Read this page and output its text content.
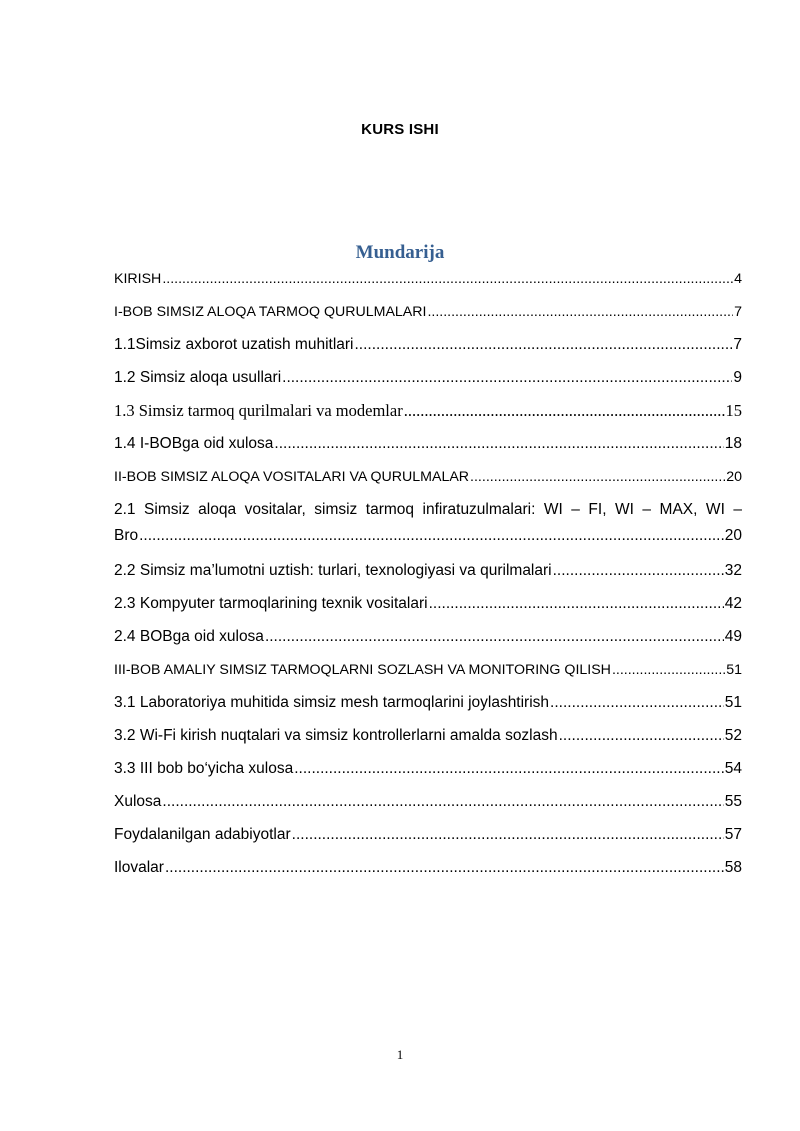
KURS ISHI
Mundarija
KIRISH .....	4
I-BOB SIMSIZ ALOQA TARMOQ QURULMALARI .....	7
1.1Simsiz axborot uzatish muhitlari .....	7
1.2 Simsiz aloqa usullari .....	9
1.3 Simsiz tarmoq qurilmalari va modemlar .....	15
1.4 I-BOBga oid xulosa .....	18
II-BOB SIMSIZ ALOQA VOSITALARI VA QURULMALAR .....	20
2.1 Simsiz aloqa vositalar, simsiz tarmoq infiratuzulmalari: WI – FI, WI – MAX, WI –
Bro .....	20
2.2 Simsiz ma’lumotni uztish: turlari, texnologiyasi va qurilmalari .....	32
2.3 Kompyuter tarmoqlarining texnik vositalari .....	42
2.4 BOBga oid xulosa .....	49
III-BOB AMALIY SIMSIZ TARMOQLARNI SOZLASH VA MONITORING QILISH .....	51
3.1 Laboratoriya muhitida simsiz mesh tarmoqlarini joylashtirish .....	51
3.2 Wi-Fi kirish nuqtalari va simsiz kontrollerlarni amalda sozlash .....	52
3.3 III bob bo‘yicha xulosa .....	54
Xulosa .....	55
Foydalanilgan adabiyotlar .....	57
Ilovalar .....	58
1
